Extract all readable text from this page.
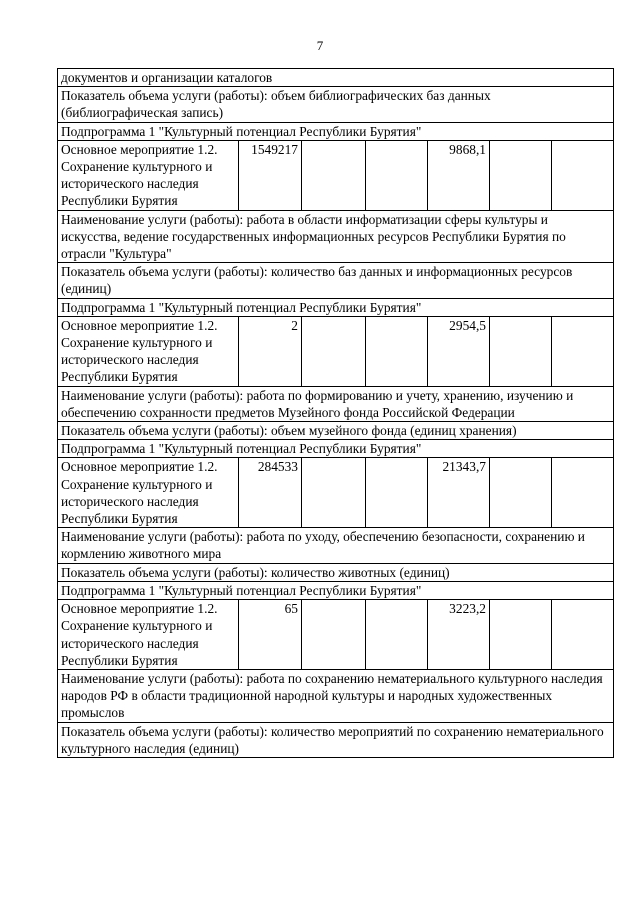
7
документов и организации каталогов						
Показатель объема услуги (работы): объем библиографических баз данных (библиографическая запись)						
Подпрограмма 1 "Культурный потенциал Республики Бурятия"						
Основное мероприятие 1.2. Сохранение культурного и исторического наследия Республики Бурятия	1549217			9868,1		
Наименование услуги (работы): работа в области информатизации сферы культуры и искусства, ведение государственных информационных ресурсов Республики Бурятия по отрасли "Культура"						
Показатель объема услуги (работы): количество баз данных и информационных ресурсов (единиц)						
Подпрограмма 1 "Культурный потенциал Республики Бурятия"						
Основное мероприятие 1.2. Сохранение культурного и исторического наследия Республики Бурятия	2			2954,5		
Наименование услуги (работы): работа по формированию и учету, хранению, изучению и обеспечению сохранности предметов Музейного фонда Российской Федерации						
Показатель объема услуги (работы): объем музейного фонда (единиц хранения)						
Подпрограмма 1 "Культурный потенциал Республики Бурятия"						
Основное мероприятие 1.2. Сохранение культурного и исторического наследия Республики Бурятия	284533			21343,7		
Наименование услуги (работы): работа по уходу, обеспечению безопасности, сохранению и кормлению животного мира						
Показатель объема услуги (работы): количество животных (единиц)						
Подпрограмма 1 "Культурный потенциал Республики Бурятия"						
Основное мероприятие 1.2. Сохранение культурного и исторического наследия Республики Бурятия	65			3223,2		
Наименование услуги (работы): работа по сохранению нематериального культурного наследия народов РФ в области традиционной народной культуры и народных художественных промыслов						
Показатель объема услуги (работы): количество мероприятий по сохранению нематериального культурного наследия (единиц)						
